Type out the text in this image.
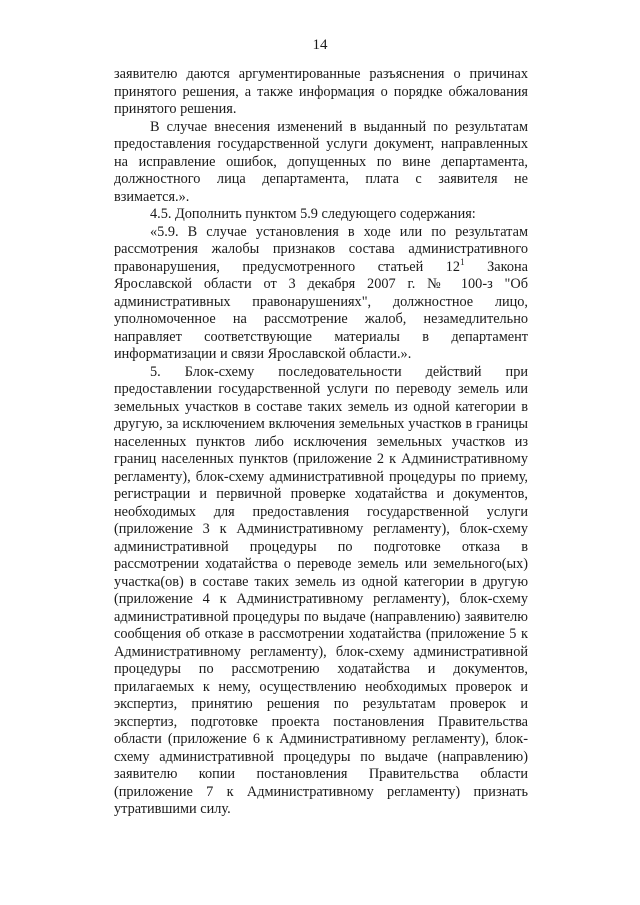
14

заявителю даются аргументированные разъяснения о причинах принятого решения, а также информация о порядке обжалования принятого решения.

В случае внесения изменений в выданный по результатам предоставления государственной услуги документ, направленных на исправление ошибок, допущенных по вине департамента, должностного лица департамента, плата с заявителя не взимается.».

4.5. Дополнить пунктом 5.9 следующего содержания:

«5.9. В случае установления в ходе или по результатам рассмотрения жалобы признаков состава административного правонарушения, предусмотренного статьей $12^1$ Закона Ярославской области от 3 декабря 2007 г. № 100-з "Об административных правонарушениях", должностное лицо, уполномоченное на рассмотрение жалоб, незамедлительно направляет соответствующие материалы в департамент информатизации и связи Ярославской области.».

5. Блок-схему последовательности действий при предоставлении государственной услуги по переводу земель или земельных участков в составе таких земель из одной категории в другую, за исключением включения земельных участков в границы населенных пунктов либо исключения земельных участков из границ населенных пунктов (приложение 2 к Административному регламенту), блок-схему административной процедуры по приему, регистрации и первичной проверке ходатайства и документов, необходимых для предоставления государственной услуги (приложение 3 к Административному регламенту), блок-схему административной процедуры по подготовке отказа в рассмотрении ходатайства о переводе земель или земельного(ых) участка(ов) в составе таких земель из одной категории в другую (приложение 4 к Административному регламенту), блок-схему административной процедуры по выдаче (направлению) заявителю сообщения об отказе в рассмотрении ходатайства (приложение 5 к Административному регламенту), блок-схему административной процедуры по рассмотрению ходатайства и документов, прилагаемых к нему, осуществлению необходимых проверок и экспертиз, принятию решения по результатам проверок и экспертиз, подготовке проекта постановления Правительства области (приложение 6 к Административному регламенту), блок-схему административной процедуры по выдаче (направлению) заявителю копии постановления Правительства области (приложение 7 к Административному регламенту) признать утратившими силу.
